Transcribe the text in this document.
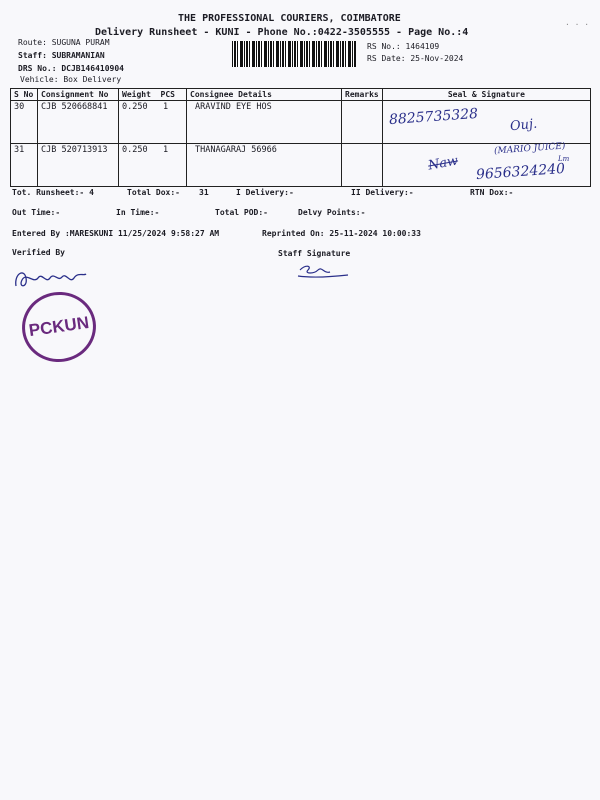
THE PROFESSIONAL COURIERS, COIMBATORE
Delivery Runsheet - KUNI - Phone No.:0422-3505555 - Page No.:4
Route: SUGUNA PURAM
Staff: SUBRAMANIAN
DRS No.: DCJB146410904
Vehicle: Box Delivery
RS No.: 1464109
RS Date: 25-Nov-2024
· · ·
S No	Consignment No	Weight  PCS	Consignee Details	Remarks	Seal & Signature
30	CJB 520668841	0.250 1	ARAVIND EYE HOS		
31	CJB 520713913	0.250 1	THANAGARAJ 56966		
8825735328 Ouj.
(MARIO JUICE)
Lm
Naw 9656324240
Tot. Runsheet:- 4	Total Dox:- 31	I Delivery:-	II Delivery:-	RTN Dox:-
Out Time:-	In Time:-	Total POD:-	Delvy Points:-
Entered By :MARESKUNI 11/25/2024 9:58:27 AM	Reprinted On: 25-11-2024 10:00:33
Verified By	Staff Signature
PCKUN
